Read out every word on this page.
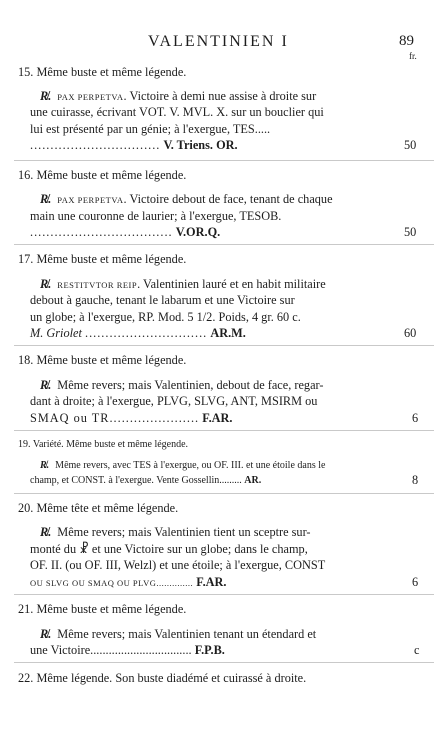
VALENTINIEN I	89
fr.
15. Même buste et même légende.
R̸. PAX PERPETVA. Victoire à demi nue assise à droite sur
une cuirasse, écrivant VOT. V. MVL. X. sur un bouclier qui
lui est présenté par un génie; à l'exergue, TES.....
................................ V. Triens. OR.	50
16. Même buste et même légende.
R̸. PAX PERPETVA. Victoire debout de face, tenant de chaque
main une couronne de laurier; à l'exergue, TESOB.
................................... V.OR.Q.	50
17. Même buste et même légende.
R̸. RESTITVTOR REIP. Valentinien lauré et en habit militaire
debout à gauche, tenant le labarum et une Victoire sur
un globe; à l'exergue, RP. Mod. 5 1/2. Poids, 4 gr. 60 c.
M. Griolet .............................. AR.M.	60
18. Même buste et même légende.
R̸. Même revers; mais Valentinien, debout de face, regar-
dant à droite; à l'exergue, PLVG, SLVG, ANT, MSIRM ou
SMAQ ou TR...................... F.AR.	6
19. Variété. Même buste et même légende.
R̸. Même revers, avec TES à l'exergue, ou OF. III. et une étoile dans le
champ, et CONST. à l'exergue. Vente Gossellin......... AR.	8
20. Même tête et même légende.
R̸. Même revers; mais Valentinien tient un sceptre sur-
monté du ☧ et une Victoire sur un globe; dans le champ,
OF. II. (ou OF. III, Welzl) et une étoile; à l'exergue, CONST
OU SLVG OU SMAQ OU PLVG.............. F.AR.	6
21. Même buste et même légende.
R̸. Même revers; mais Valentinien tenant un étendard et
une Victoire................................. F.P.B.	c
22. Même légende. Son buste diadémé et cuirassé à droite.
